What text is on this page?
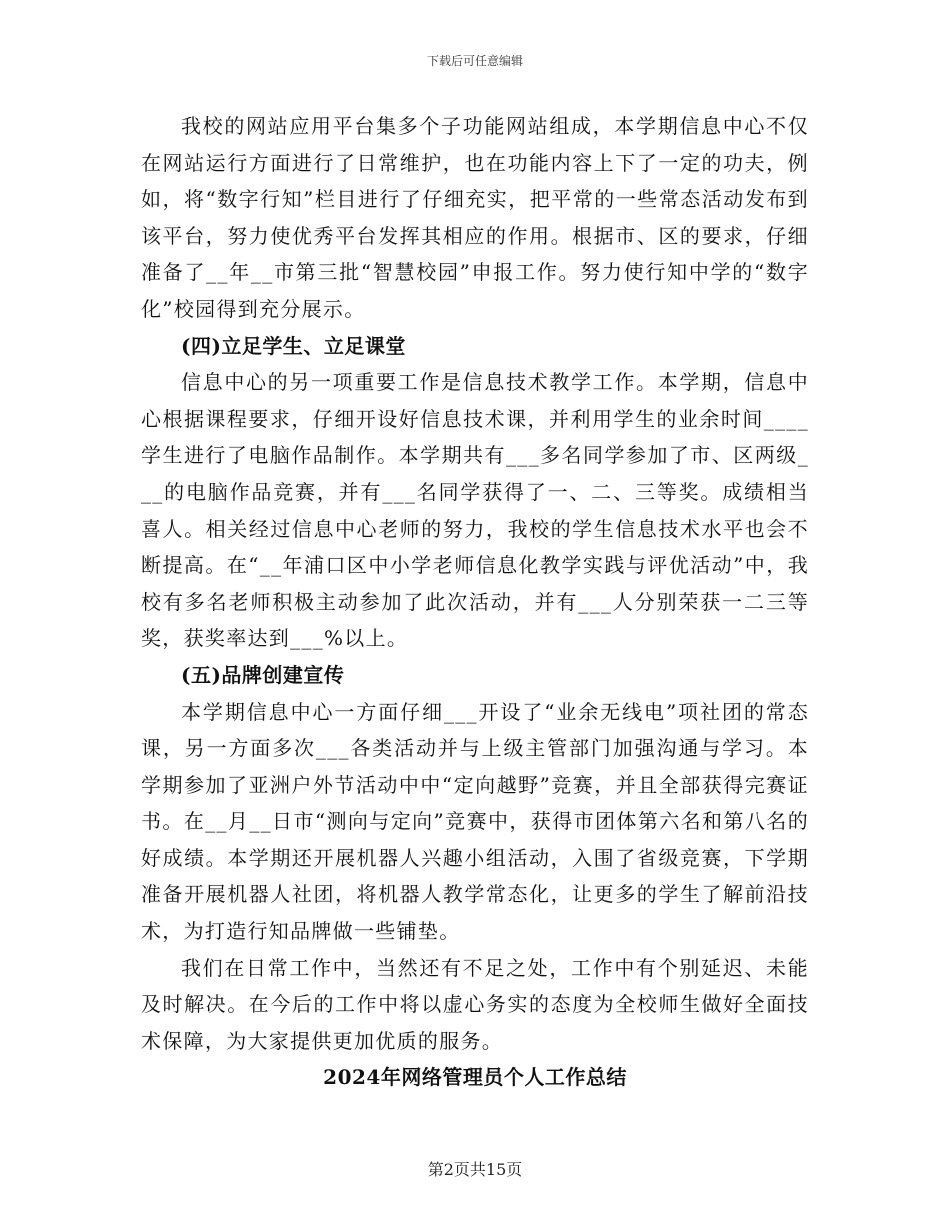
下载后可任意编辑

我校的网站应用平台集多个子功能网站组成，本学期信息中心不仅在网站运行方面进行了日常维护，也在功能内容上下了一定的功夫，例如，将“数字行知”栏目进行了仔细充实，把平常的一些常态活动发布到该平台，努力使优秀平台发挥其相应的作用。根据市、区的要求，仔细准备了__年__市第三批“智慧校园”申报工作。努力使行知中学的“数字化”校园得到充分展示。

(四)立足学生、立足课堂

信息中心的另一项重要工作是信息技术教学工作。本学期，信息中心根据课程要求，仔细开设好信息技术课，并利用学生的业余时间____学生进行了电脑作品制作。本学期共有___多名同学参加了市、区两级___的电脑作品竞赛，并有___名同学获得了一、二、三等奖。成绩相当喜人。相关经过信息中心老师的努力，我校的学生信息技术水平也会不断提高。在“__年浦口区中小学老师信息化教学实践与评优活动”中，我校有多名老师积极主动参加了此次活动，并有___人分别荣获一二三等奖，获奖率达到___%以上。

(五)品牌创建宣传

本学期信息中心一方面仔细___开设了“业余无线电”项社团的常态课，另一方面多次___各类活动并与上级主管部门加强沟通与学习。本学期参加了亚洲户外节活动中中“定向越野”竞赛，并且全部获得完赛证书。在__月__日市“测向与定向”竞赛中，获得市团体第六名和第八名的好成绩。本学期还开展机器人兴趣小组活动，入围了省级竞赛，下学期准备开展机器人社团，将机器人教学常态化，让更多的学生了解前沿技术，为打造行知品牌做一些铺垫。

我们在日常工作中，当然还有不足之处，工作中有个别延迟、未能及时解决。在今后的工作中将以虚心务实的态度为全校师生做好全面技术保障，为大家提供更加优质的服务。

2024年网络管理员个人工作总结

第2页共15页
